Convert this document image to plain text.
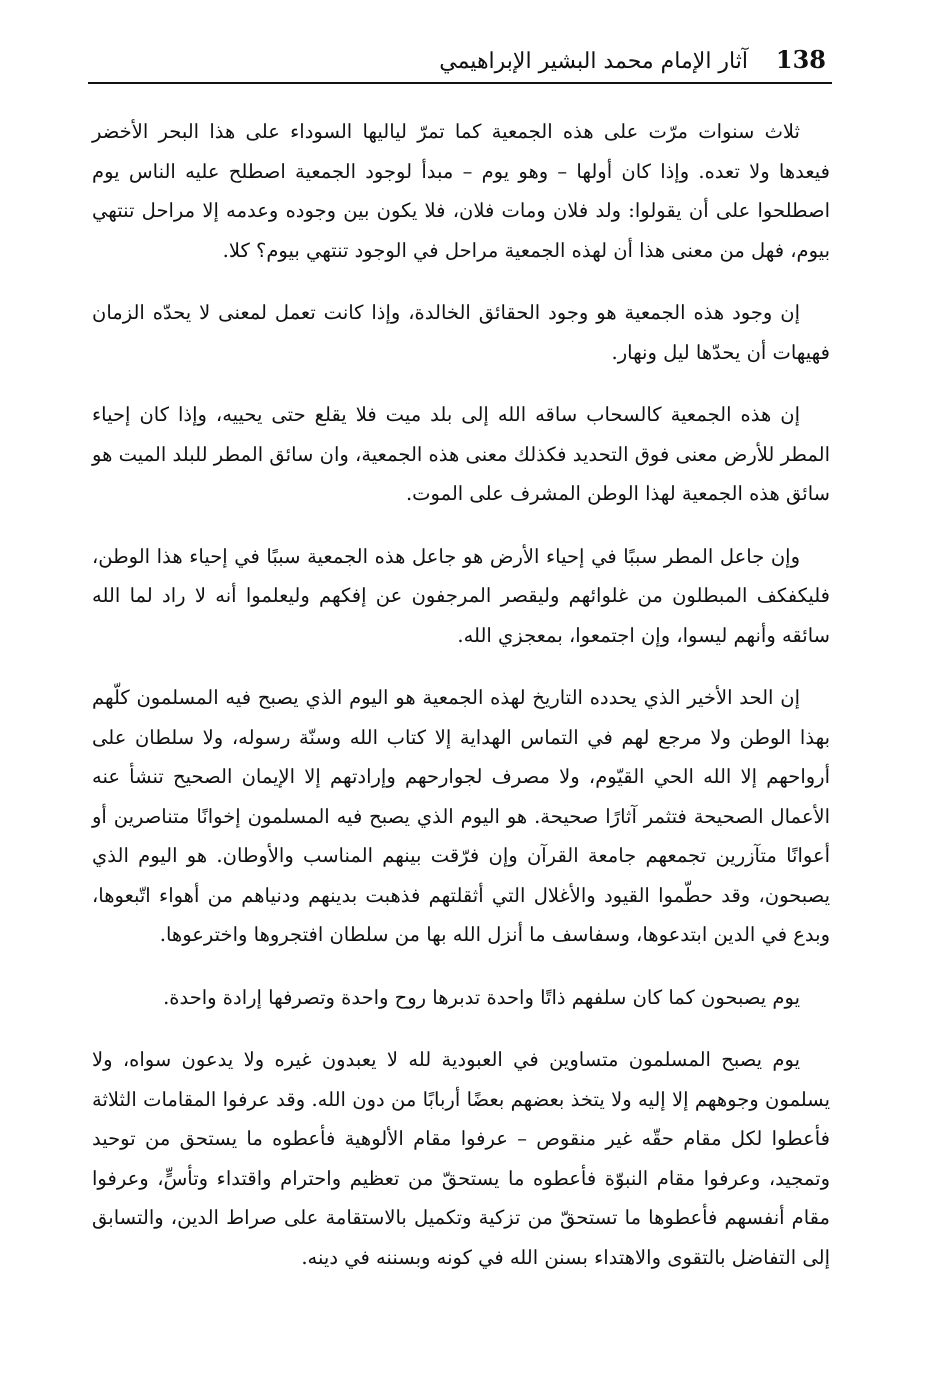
138
آثار الإمام محمد البشير الإبراهيمي

ثلاث سنوات مرّت على هذه الجمعية كما تمرّ لياليها السوداء على هذا البحر الأخضر فيعدها ولا تعده. وإذا كان أولها – وهو يوم – مبدأ لوجود الجمعية اصطلح عليه الناس يوم اصطلحوا على أن يقولوا: ولد فلان ومات فلان، فلا يكون بين وجوده وعدمه إلا مراحل تنتهي بيوم، فهل من معنى هذا أن لهذه الجمعية مراحل في الوجود تنتهي بيوم؟ كلا.

إن وجود هذه الجمعية هو وجود الحقائق الخالدة، وإذا كانت تعمل لمعنى لا يحدّه الزمان فهيهات أن يحدّها ليل ونهار.

إن هذه الجمعية كالسحاب ساقه الله إلى بلد ميت فلا يقلع حتى يحييه، وإذا كان إحياء المطر للأرض معنى فوق التحديد فكذلك معنى هذه الجمعية، وان سائق المطر للبلد الميت هو سائق هذه الجمعية لهذا الوطن المشرف على الموت.

وإن جاعل المطر سببًا في إحياء الأرض هو جاعل هذه الجمعية سببًا في إحياء هذا الوطن، فليكفكف المبطلون من غلوائهم وليقصر المرجفون عن إفكهم وليعلموا أنه لا راد لما الله سائقه وأنهم ليسوا، وإن اجتمعوا، بمعجزي الله.

إن الحد الأخير الذي يحدده التاريخ لهذه الجمعية هو اليوم الذي يصبح فيه المسلمون كلّهم بهذا الوطن ولا مرجع لهم في التماس الهداية إلا كتاب الله وسنّة رسوله، ولا سلطان على أرواحهم إلا الله الحي القيّوم، ولا مصرف لجوارحهم وإرادتهم إلا الإيمان الصحيح تنشأ عنه الأعمال الصحيحة فتثمر آثارًا صحيحة. هو اليوم الذي يصبح فيه المسلمون إخوانًا متناصرين أو أعوانًا متآزرين تجمعهم جامعة القرآن وإن فرّقت بينهم المناسب والأوطان. هو اليوم الذي يصبحون، وقد حطّموا القيود والأغلال التي أثقلتهم فذهبت بدينهم ودنياهم من أهواء اتّبعوها، وبدع في الدين ابتدعوها، وسفاسف ما أنزل الله بها من سلطان افتجروها واخترعوها.

يوم يصبحون كما كان سلفهم ذاتًا واحدة تدبرها روح واحدة وتصرفها إرادة واحدة.

يوم يصبح المسلمون متساوين في العبودية لله لا يعبدون غيره ولا يدعون سواه، ولا يسلمون وجوههم إلا إليه ولا يتخذ بعضهم بعضًا أربابًا من دون الله. وقد عرفوا المقامات الثلاثة فأعطوا لكل مقام حقّه غير منقوص – عرفوا مقام الألوهية فأعطوه ما يستحق من توحيد وتمجيد، وعرفوا مقام النبوّة فأعطوه ما يستحقّ من تعظيم واحترام واقتداء وتأسٍّ، وعرفوا مقام أنفسهم فأعطوها ما تستحقّ من تزكية وتكميل بالاستقامة على صراط الدين، والتسابق إلى التفاضل بالتقوى والاهتداء بسنن الله في كونه وبسننه في دينه.
